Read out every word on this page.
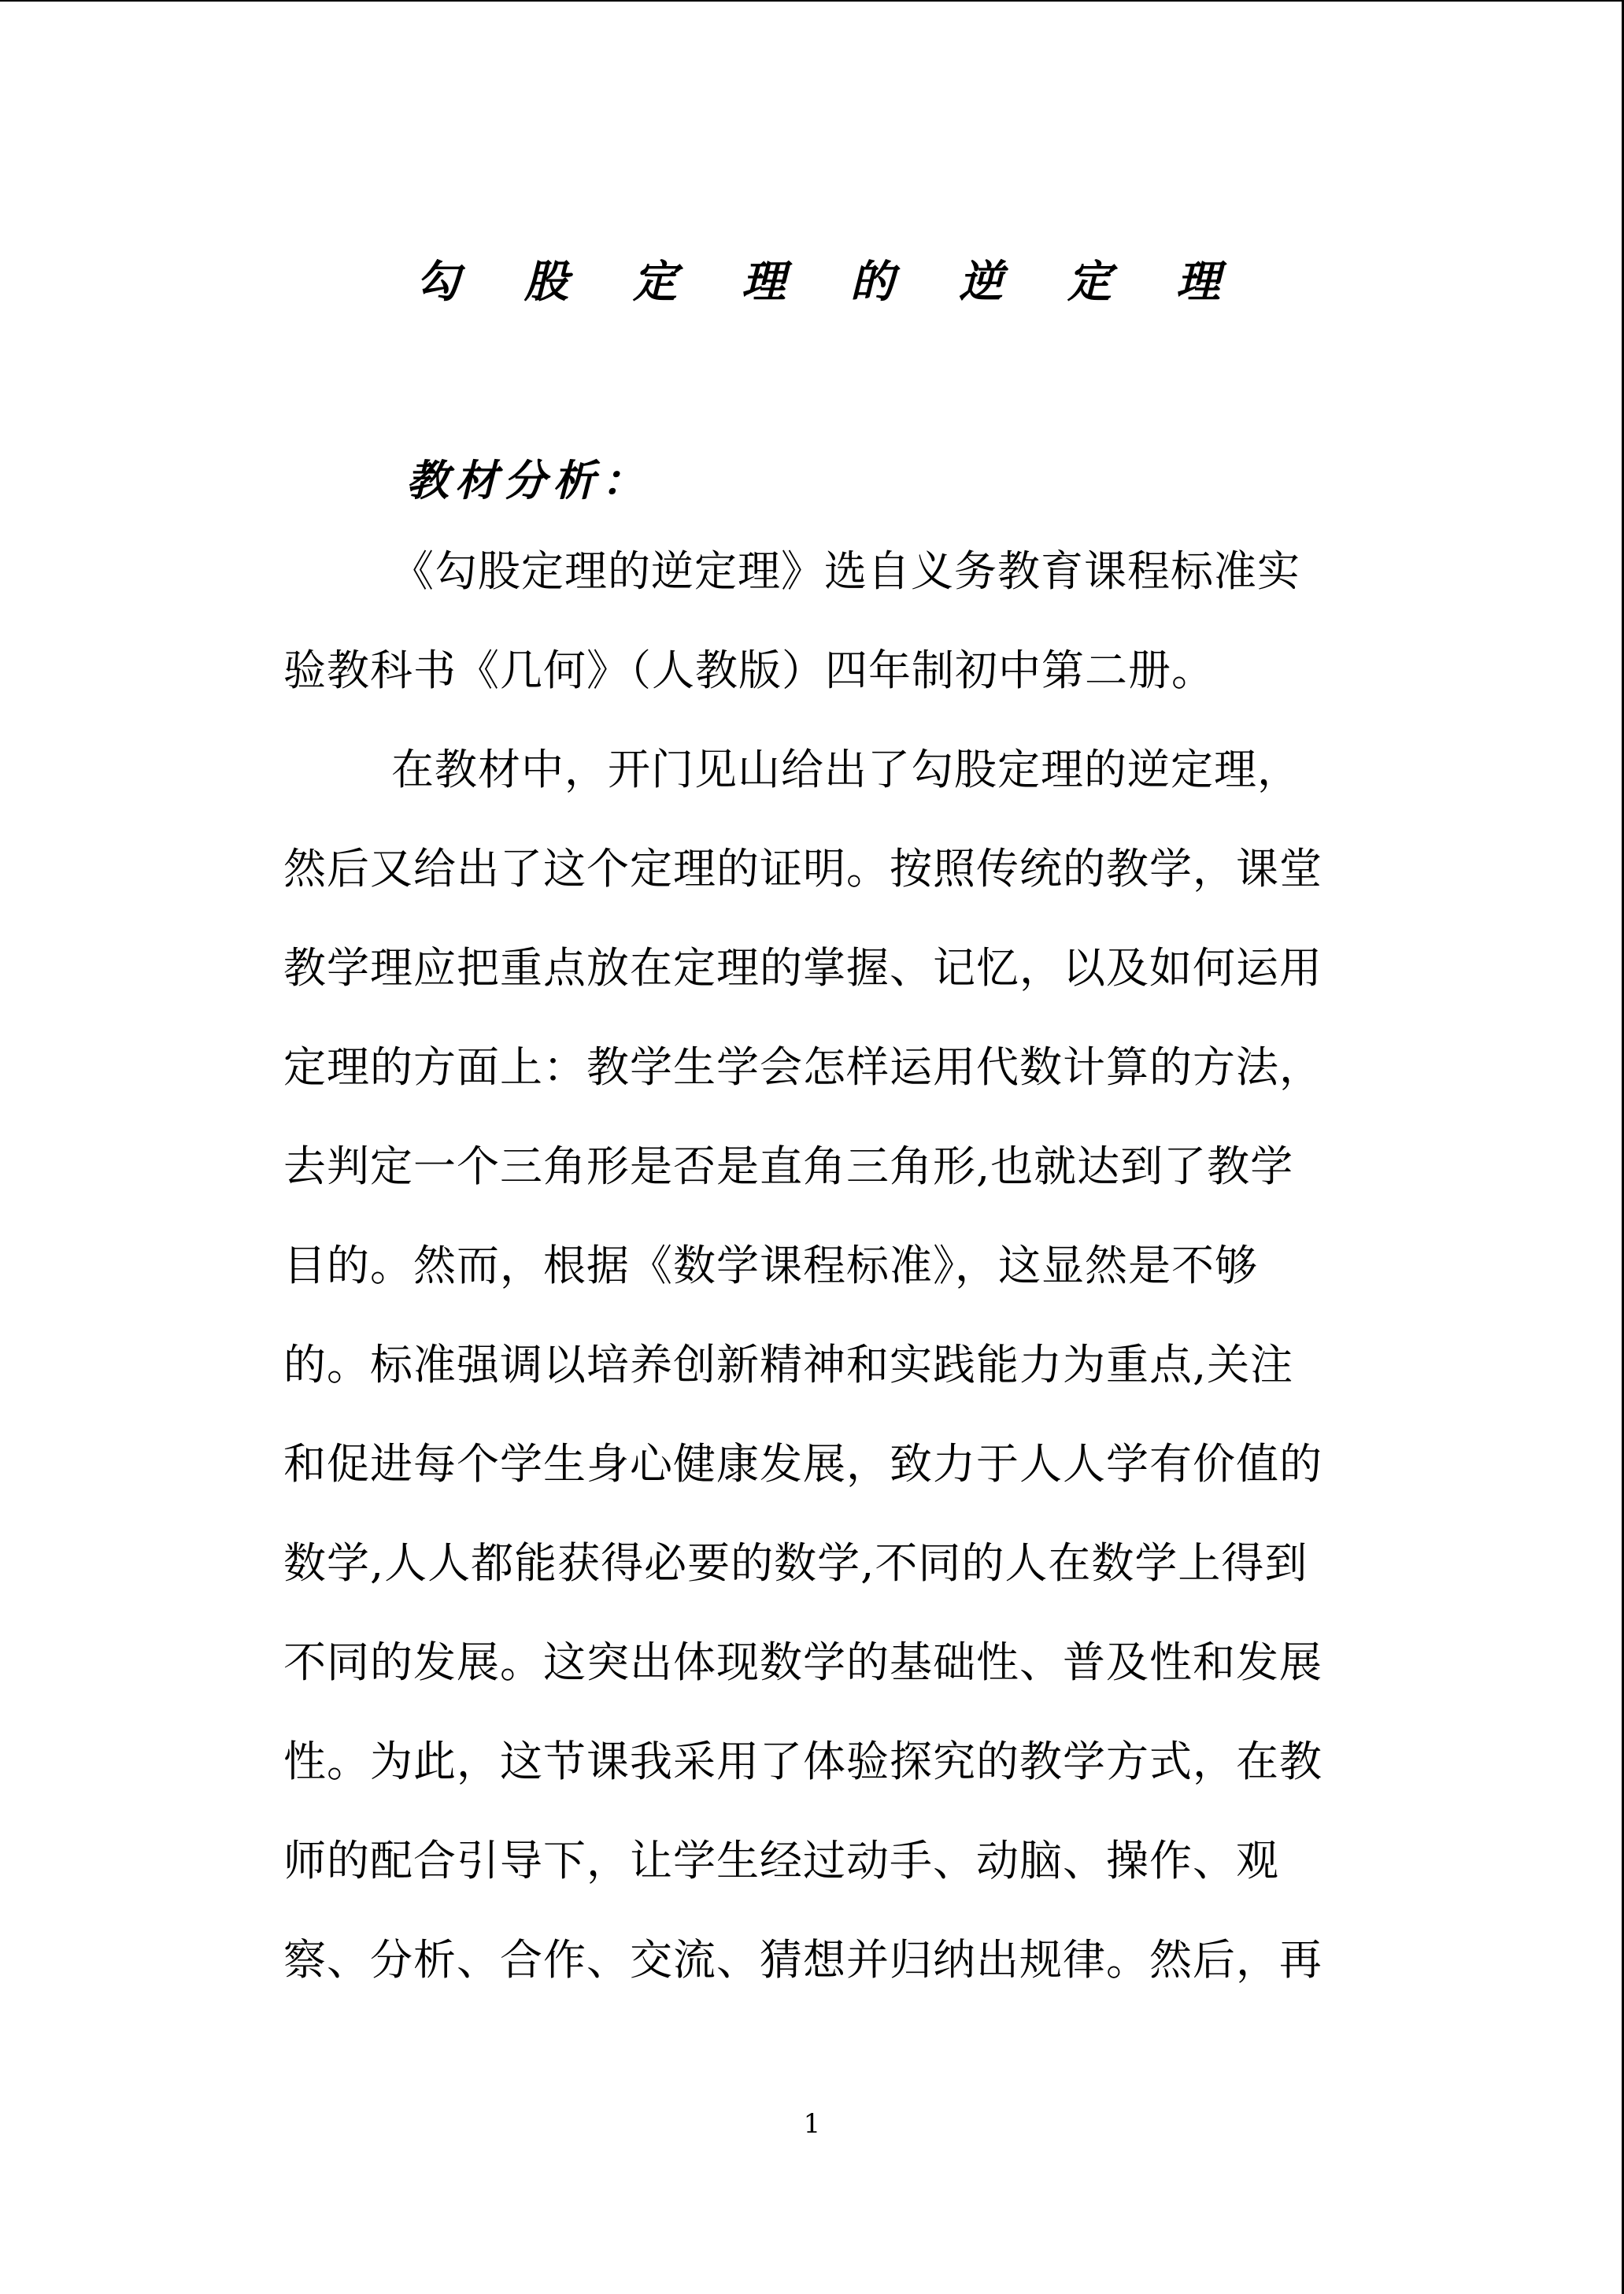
勾股定理的逆定理
教材分析：
《勾股定理的逆定理》选自义务教育课程标准实
验教科书《几何》（人教版）四年制初中第二册。
在教材中，开门见山给出了勾股定理的逆定理，
然后又给出了这个定理的证明。按照传统的教学，课堂
教学理应把重点放在定理的掌握、记忆，以及如何运用
定理的方面上：教学生学会怎样运用代数计算的方法，
去判定一个三角形是否是直角三角形,也就达到了教学
目的。然而，根据《数学课程标准》，这显然是不够
的。标准强调以培养创新精神和实践能力为重点,关注
和促进每个学生身心健康发展，致力于人人学有价值的
数学,人人都能获得必要的数学,不同的人在数学上得到
不同的发展。这突出体现数学的基础性、普及性和发展
性。为此，这节课我采用了体验探究的教学方式，在教
师的配合引导下，让学生经过动手、动脑、操作、观
察、分析、合作、交流、猜想并归纳出规律。然后，再
1
